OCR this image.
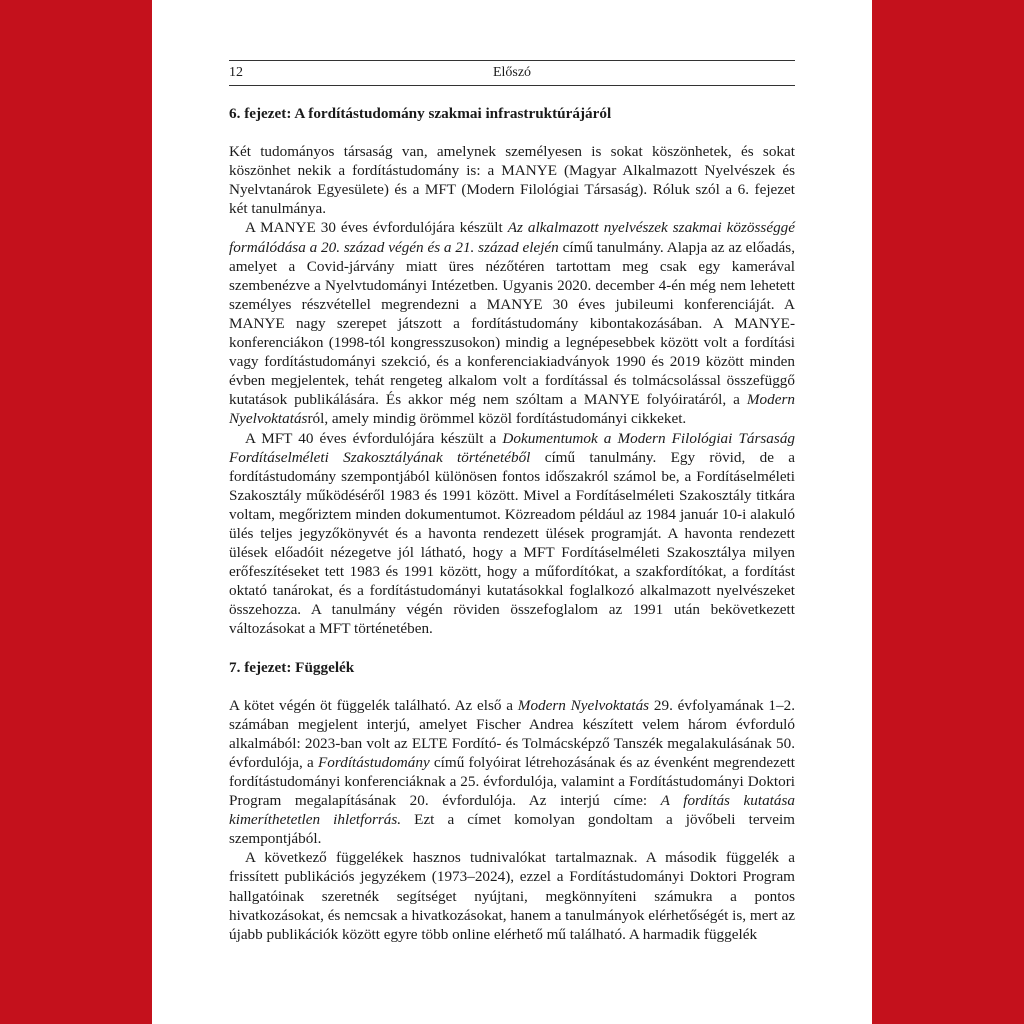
12	Előszó
6. fejezet: A fordítástudomány szakmai infrastruktúrájáról

Két tudományos társaság van, amelynek személyesen is sokat köszönhetek, és sokat köszönhet nekik a fordítástudomány is: a MANYE (Magyar Alkalmazott Nyelvészek és Nyelvtanárok Egyesülete) és a MFT (Modern Filológiai Társaság). Róluk szól a 6. fejezet két tanulmánya.

A MANYE 30 éves évfordulójára készült Az alkalmazott nyelvészek szakmai közösséggé formálódása a 20. század végén és a 21. század elején című tanulmány. Alapja az az előadás, amelyet a Covid-járvány miatt üres nézőtéren tartottam meg csak egy kamerával szembenézve a Nyelvtudományi Intézetben. Ugyanis 2020. december 4-én még nem lehetett személyes részvétellel megrendezni a MANYE 30 éves jubileumi konferenciáját. A MANYE nagy szerepet játszott a fordítástudomány kibontakozásában. A MANYE-konferenciákon (1998-tól kongresszusokon) mindig a legnépesebbek között volt a fordítási vagy fordítástudományi szekció, és a konferenciakiadványok 1990 és 2019 között minden évben megjelentek, tehát rengeteg alkalom volt a fordítással és tolmácsolással összefüggő kutatások publikálására. És akkor még nem szóltam a MANYE folyóiratáról, a Modern Nyelvoktatásról, amely mindig örömmel közöl fordítástudományi cikkeket.

A MFT 40 éves évfordulójára készült a Dokumentumok a Modern Filológiai Társaság Fordításelméleti Szakosztályának történetéből című tanulmány. Egy rövid, de a fordítástudomány szempontjából különösen fontos időszakról számol be, a Fordításelméleti Szakosztály működéséről 1983 és 1991 között. Mivel a Fordításelméleti Szakosztály titkára voltam, megőriztem minden dokumentumot. Közreadom például az 1984 január 10-i alakuló ülés teljes jegyzőkönyvét és a havonta rendezett ülések programját. A havonta rendezett ülések előadóit nézegetve jól látható, hogy a MFT Fordításelméleti Szakosztálya milyen erőfeszítéseket tett 1983 és 1991 között, hogy a műfordítókat, a szakfordítókat, a fordítást oktató tanárokat, és a fordítástudományi kutatásokkal foglalkozó alkalmazott nyelvészeket összehozza. A tanulmány végén röviden összefoglalom az 1991 után bekövetkezett változásokat a MFT történetében.

7. fejezet: Függelék

A kötet végén öt függelék található. Az első a Modern Nyelvoktatás 29. évfolyamának 1–2. számában megjelent interjú, amelyet Fischer Andrea készített velem három évforduló alkalmából: 2023-ban volt az ELTE Fordító- és Tolmácsképző Tanszék megalakulásának 50. évfordulója, a Fordítástudomány című folyóirat létrehozásának és az évenként megrendezett fordítástudományi konferenciáknak a 25. évfordulója, valamint a Fordítástudományi Doktori Program megalapításának 20. évfordulója. Az interjú címe: A fordítás kutatása kimeríthetetlen ihletforrás. Ezt a címet komolyan gondoltam a jövőbeli terveim szempontjából.

A következő függelékek hasznos tudnivalókat tartalmaznak. A második függelék a frissített publikációs jegyzékem (1973–2024), ezzel a Fordítástudományi Doktori Program hallgatóinak szeretnék segítséget nyújtani, megkönnyíteni számukra a pontos hivatkozásokat, és nemcsak a hivatkozásokat, hanem a tanulmányok elérhetőségét is, mert az újabb publikációk között egyre több online elérhető mű található. A harmadik függelék
